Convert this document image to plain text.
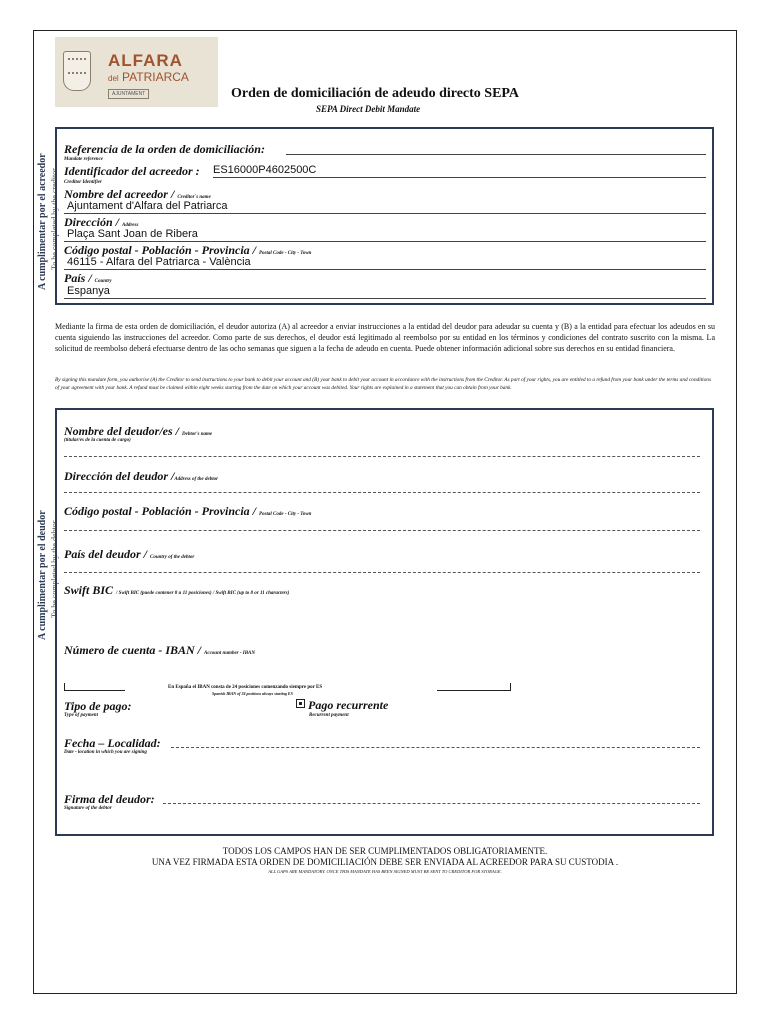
ALFARA
del PATRIARCA
AJUNTAMENT	Orden de domiciliación de adeudo directo SEPA
SEPA Direct Debit Mandate
A cumplimentar por el acreedor To be completed by the creditor
Referencia de la orden de domiciliación:
Mandate reference
Identificador del acreedor : ES16000P4602500C
Creditor Identifier
Nombre del acreedor / Creditor´s name
Ajuntament d'Alfara del Patriarca
Dirección / Address
Plaça Sant Joan de Ribera
Código postal - Población - Provincia / Postal Code - City - Town
46115 - Alfara del Patriarca - València
País / Country
Espanya
Mediante la firma de esta orden de domiciliación, el deudor autoriza (A) al acreedor a enviar instrucciones a la entidad del deudor para adeudar su cuenta y (B) a la entidad para efectuar los adeudos en su cuenta siguiendo las instrucciones del acreedor. Como parte de sus derechos, el deudor está legitimado al reembolso por su entidad en los términos y condiciones del contrato suscrito con la misma. La solicitud de reembolso deberá efectuarse dentro de las ocho semanas que siguen a la fecha de adeudo en cuenta. Puede obtener información adicional sobre sus derechos en su entidad financiera.
By signing this mandate form, you authorise (A) the Creditor to send instructions to your bank to debit your account and (B) your bank to debit your account in accordance with the instructions from the Creditor. As part of your rights, you are entitled to a refund from your bank under the terms and conditions of your agreement with your bank. A refund must be claimed within eight weeks starting from the date on which your account was debited. Your rights are explained in a statement that you can obtain from your bank.
A cumplimentar por el deudor To be completed by the debtor
Nombre del deudor/es / Debtor's name
(titular/es de la cuenta de cargo)
Dirección del deudor /Address of the debtor
Código postal - Población - Provincia / Postal Code - City - Town
País del deudor / Country of the debtor
Swift BIC / Swift BIC (puede contener 8 u 11 posiciones) / Swift BIC (up to 8 or 11 characters)
Número de cuenta - IBAN / Account number - IBAN
En España el IBAN consta de 24 posiciones comenzando siempre por ES
Spanish IBAN of 24 positions always starting ES
Tipo de pago:
Type of payment
Pago recurrente
Recurrent payment
Fecha – Localidad:
Date - location in which you are signing
Firma del deudor:
Signature of the debtor
TODOS LOS CAMPOS HAN DE SER CUMPLIMENTADOS OBLIGATORIAMENTE.
UNA VEZ FIRMADA ESTA ORDEN DE DOMICILIACIÓN DEBE SER ENVIADA AL ACREEDOR PARA SU CUSTODIA .
ALL GAPS ARE MANDATORY. ONCE THIS MANDATE HAS BEEN SIGNED MUST BE SENT TO CREDITOR FOR STORAGE.
